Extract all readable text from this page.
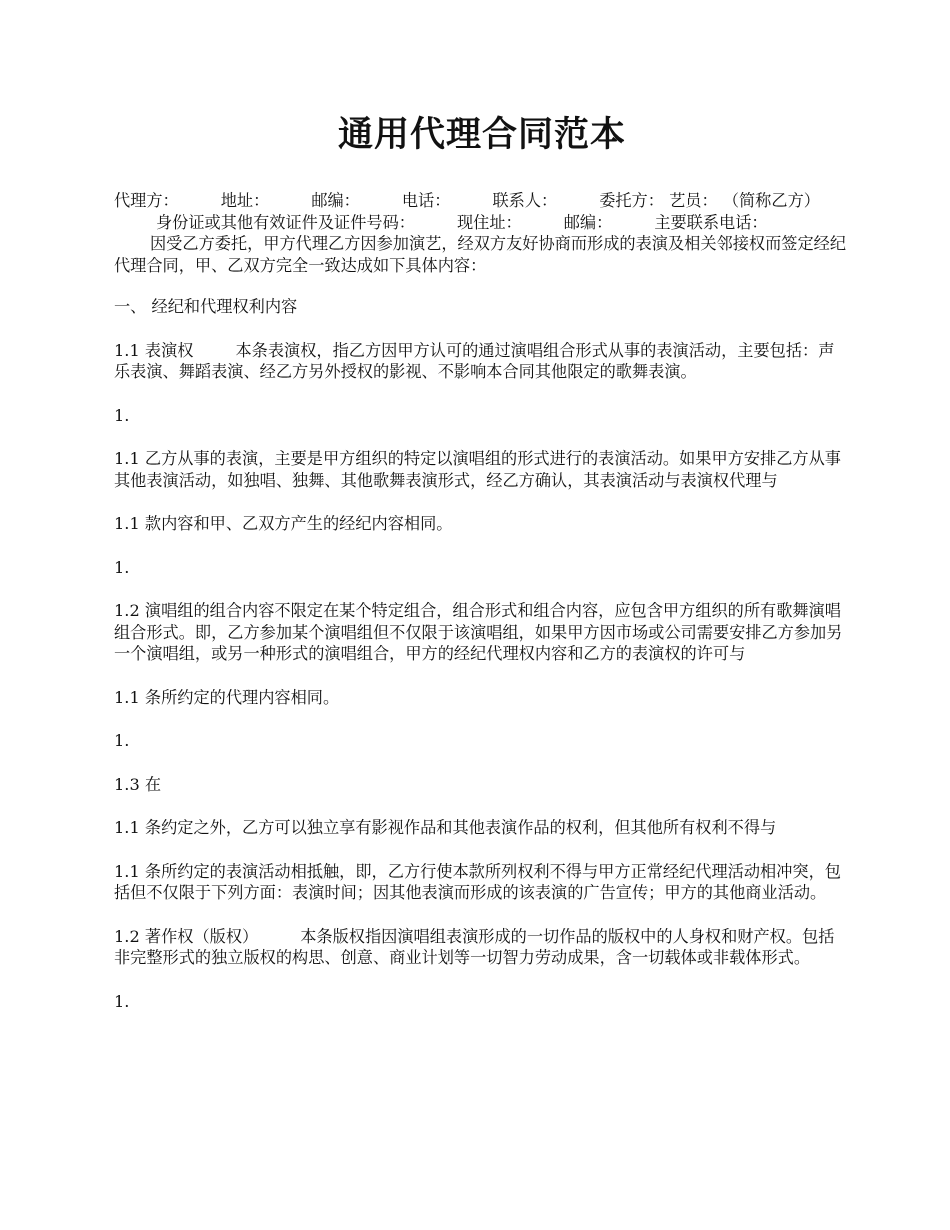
通用代理合同范本
代理方：	地址：	邮编：	电话：	联系人：	委托方： 艺员： （简称乙方）身份证或其他有效证件及证件号码：	现住址：	邮编：	主要联系电话：
因受乙方委托，甲方代理乙方因参加演艺，经双方友好协商而形成的表演及相关邻接权而签定经纪代理合同，甲、乙双方完全一致达成如下具体内容：

一、 经纪和代理权利内容

1.1 表演权	本条表演权，指乙方因甲方认可的通过演唱组合形式从事的表演活动，主要包括：声乐表演、舞蹈表演、经乙方另外授权的影视、不影响本合同其他限定的歌舞表演。

1.

1.1 乙方从事的表演，主要是甲方组织的特定以演唱组的形式进行的表演活动。如果甲方安排乙方从事其他表演活动，如独唱、独舞、其他歌舞表演形式，经乙方确认，其表演活动与表演权代理与

1.1 款内容和甲、乙双方产生的经纪内容相同。

1.

1.2 演唱组的组合内容不限定在某个特定组合，组合形式和组合内容，应包含甲方组织的所有歌舞演唱组合形式。即，乙方参加某个演唱组但不仅限于该演唱组，如果甲方因市场或公司需要安排乙方参加另一个演唱组，或另一种形式的演唱组合，甲方的经纪代理权内容和乙方的表演权的许可与

1.1 条所约定的代理内容相同。

1.

1.3 在

1.1 条约定之外，乙方可以独立享有影视作品和其他表演作品的权利，但其他所有权利不得与

1.1 条所约定的表演活动相抵触，即，乙方行使本款所列权利不得与甲方正常经纪代理活动相冲突，包括但不仅限于下列方面：表演时间；因其他表演而形成的该表演的广告宣传；甲方的其他商业活动。

1.2 著作权（版权）	本条版权指因演唱组表演形成的一切作品的版权中的人身权和财产权。包括非完整形式的独立版权的构思、创意、商业计划等一切智力劳动成果，含一切载体或非载体形式。

1.
